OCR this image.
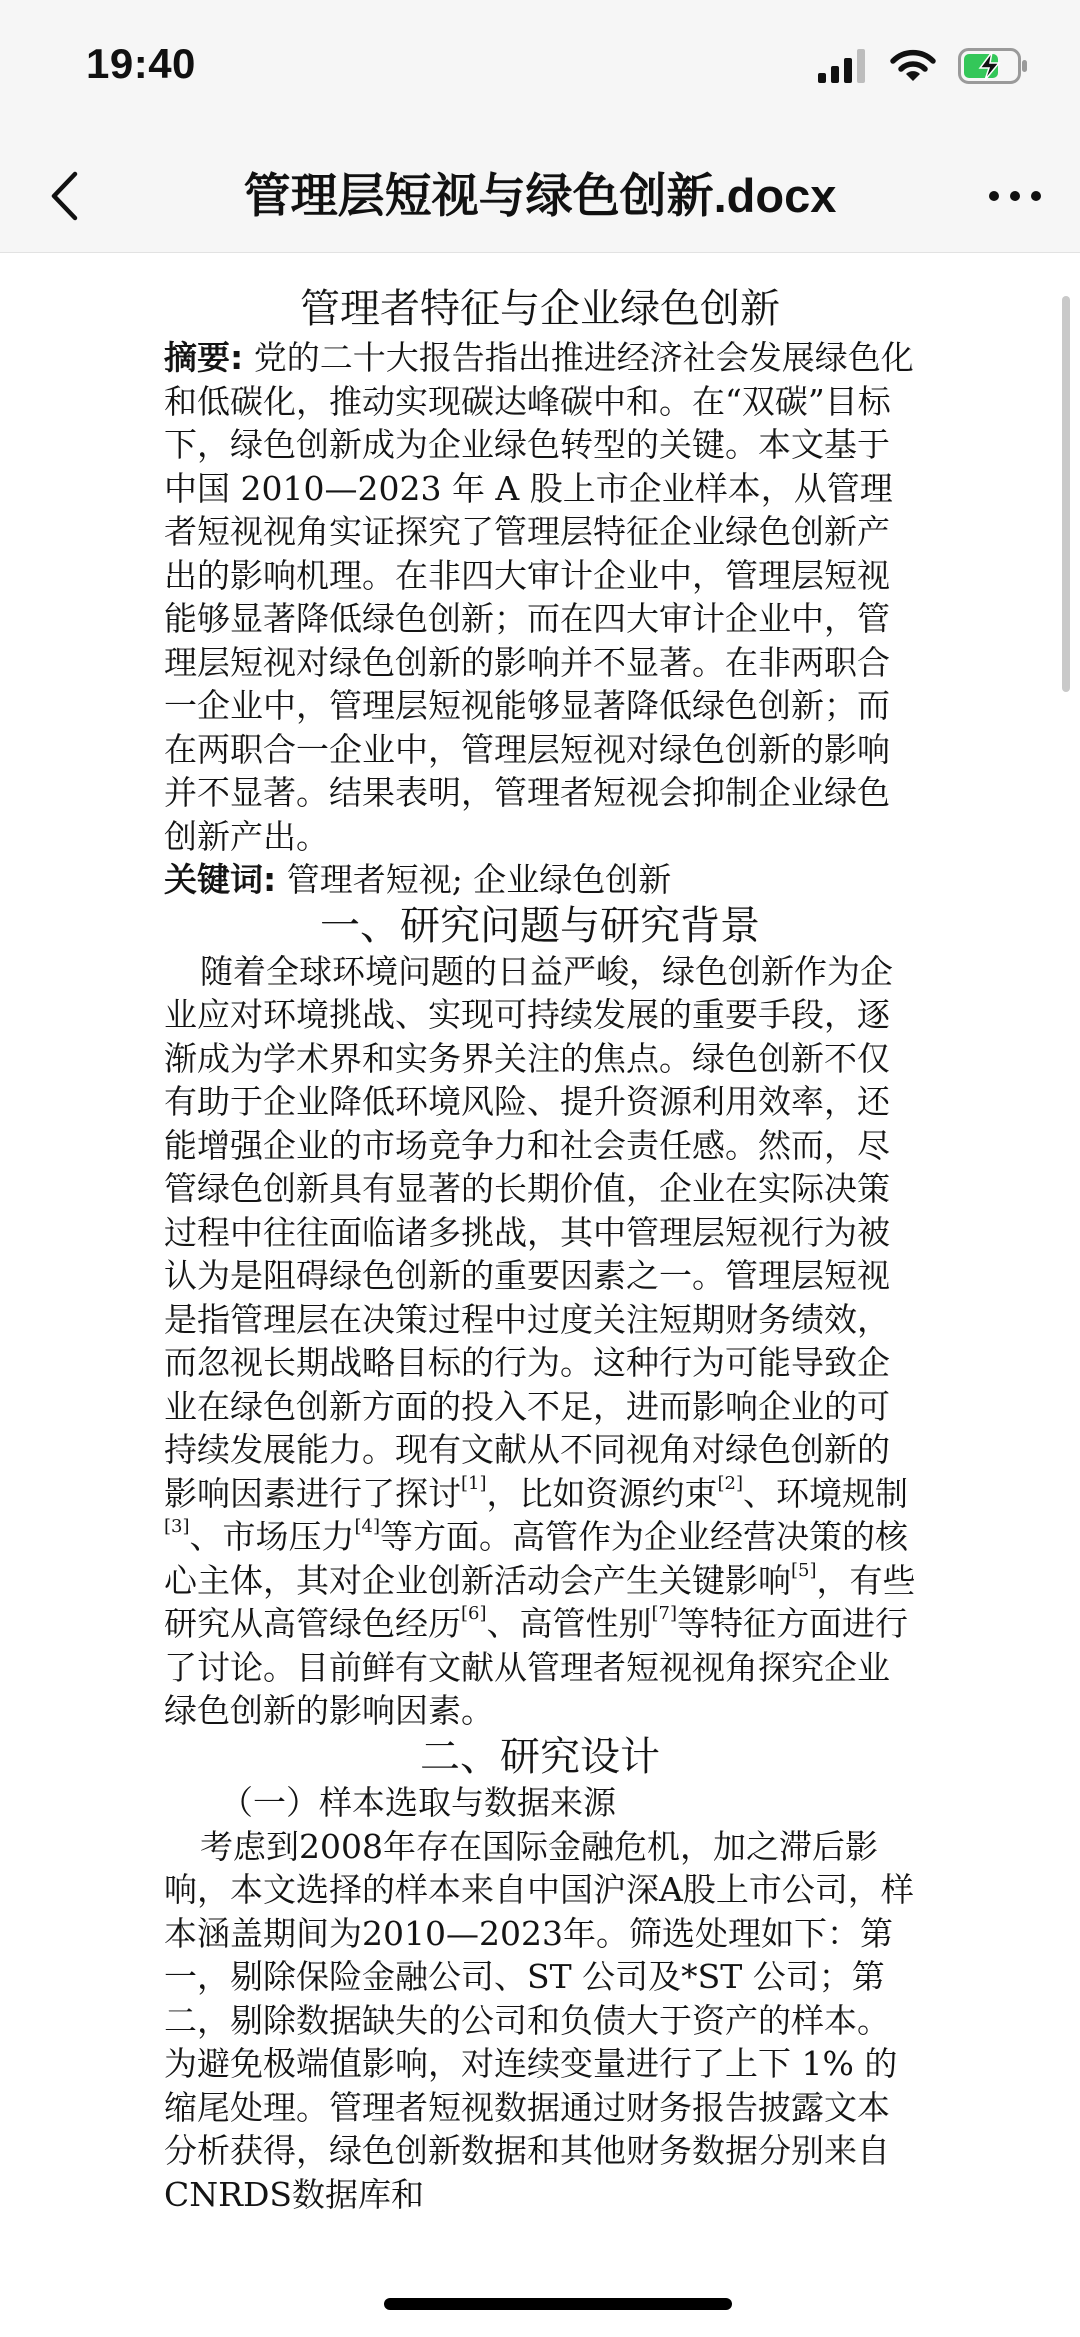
19:40
管理层短视与绿色创新.docx

管理者特征与企业绿色创新

摘要: 党的二十大报告指出推进经济社会发展绿色化和低碳化，推动实现碳达峰碳中和。在“双碳”目标下，绿色创新成为企业绿色转型的关键。本文基于中国 2010—2023 年 A 股上市企业样本，从管理者短视视角实证探究了管理层特征企业绿色创新产出的影响机理。在非四大审计企业中，管理层短视能够显著降低绿色创新；而在四大审计企业中，管理层短视对绿色创新的影响并不显著。在非两职合一企业中，管理层短视能够显著降低绿色创新；而在两职合一企业中，管理层短视对绿色创新的影响并不显著。结果表明，管理者短视会抑制企业绿色创新产出。

关键词: 管理者短视; 企业绿色创新

一、研究问题与研究背景

随着全球环境问题的日益严峻，绿色创新作为企业应对环境挑战、实现可持续发展的重要手段，逐渐成为学术界和实务界关注的焦点。绿色创新不仅有助于企业降低环境风险、提升资源利用效率，还能增强企业的市场竞争力和社会责任感。然而，尽管绿色创新具有显著的长期价值，企业在实际决策过程中往往面临诸多挑战，其中管理层短视行为被认为是阻碍绿色创新的重要因素之一。管理层短视是指管理层在决策过程中过度关注短期财务绩效，而忽视长期战略目标的行为。这种行为可能导致企业在绿色创新方面的投入不足，进而影响企业的可持续发展能力。现有文献从不同视角对绿色创新的影响因素进行了探讨[1]，比如资源约束[2]、环境规制[3]、市场压力[4]等方面。高管作为企业经营决策的核心主体，其对企业创新活动会产生关键影响[5]，有些研究从高管绿色经历[6]、高管性别[7]等特征方面进行了讨论。目前鲜有文献从管理者短视视角探究企业绿色创新的影响因素。

二、研究设计

（一）样本选取与数据来源

考虑到2008年存在国际金融危机，加之滞后影响，本文选择的样本来自中国沪深A股上市公司，样本涵盖期间为2010—2023年。筛选处理如下：第一，剔除保险金融公司、ST 公司及*ST 公司；第二，剔除数据缺失的公司和负债大于资产的样本。为避免极端值影响，对连续变量进行了上下 1% 的缩尾处理。管理者短视数据通过财务报告披露文本分析获得，绿色创新数据和其他财务数据分别来自CNRDS数据库和
